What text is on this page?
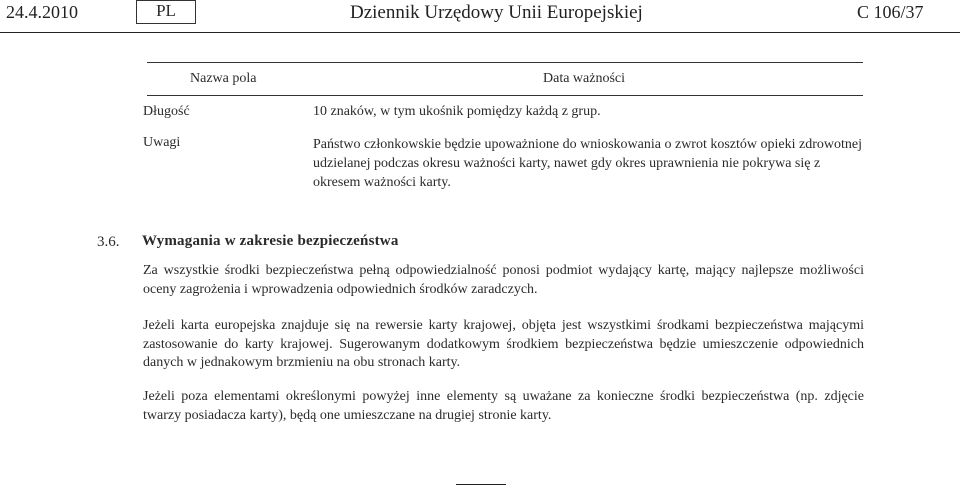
24.4.2010	PL	Dziennik Urzędowy Unii Europejskiej	C 106/37
Nazwa pola	Data ważności
Długość	10 znaków, w tym ukośnik pomiędzy każdą z grup.
Uwagi	Państwo członkowskie będzie upoważnione do wnioskowania o zwrot kosztów opieki zdrowotnej udzielanej podczas okresu ważności karty, nawet gdy okres uprawnienia nie pokrywa się z okresem ważności karty.
3.6. Wymagania w zakresie bezpieczeństwa

Za wszystkie środki bezpieczeństwa pełną odpowiedzialność ponosi podmiot wydający kartę, mający najlepsze możliwości oceny zagrożenia i wprowadzenia odpowiednich środków zaradczych.

Jeżeli karta europejska znajduje się na rewersie karty krajowej, objęta jest wszystkimi środkami bezpieczeństwa mającymi zastosowanie do karty krajowej. Sugerowanym dodatkowym środkiem bezpieczeństwa będzie umieszczenie odpowiednich danych w jednakowym brzmieniu na obu stronach karty.

Jeżeli poza elementami określonymi powyżej inne elementy są uważane za konieczne środki bezpieczeństwa (np. zdjęcie twarzy posiadacza karty), będą one umieszczane na drugiej stronie karty.
